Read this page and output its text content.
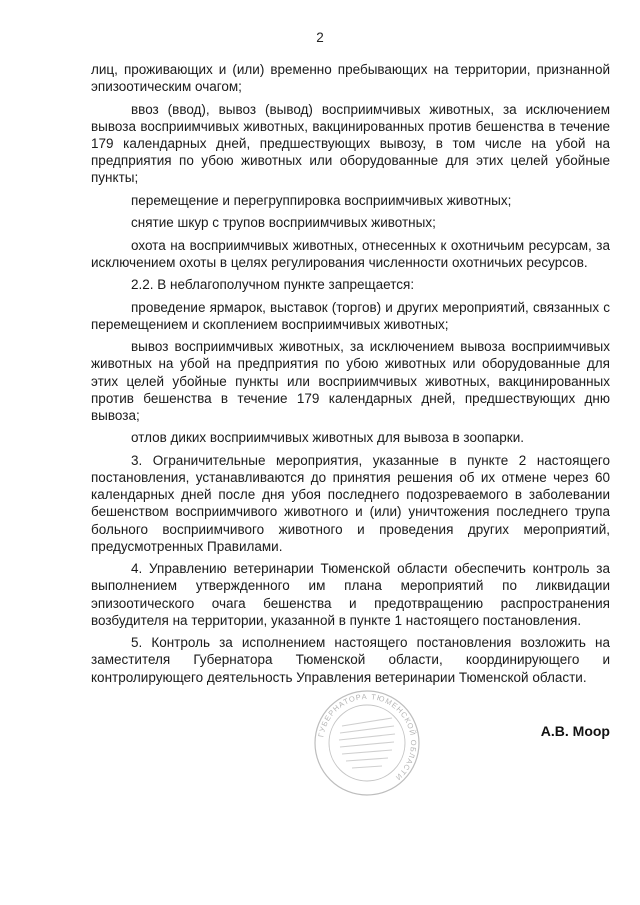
2

лиц, проживающих и (или) временно пребывающих на территории, признанной эпизоотическим очагом;

ввоз (ввод), вывоз (вывод) восприимчивых животных, за исключением вывоза восприимчивых животных, вакцинированных против бешенства в течение 179 календарных дней, предшествующих вывозу, в том числе на убой на предприятия по убою животных или оборудованные для этих целей убойные пункты;

перемещение и перегруппировка восприимчивых животных;

снятие шкур с трупов восприимчивых животных;

охота на восприимчивых животных, отнесенных к охотничьим ресурсам, за исключением охоты в целях регулирования численности охотничьих ресурсов.

2.2. В неблагополучном пункте запрещается:

проведение ярмарок, выставок (торгов) и других мероприятий, связанных с перемещением и скоплением восприимчивых животных;

вывоз восприимчивых животных, за исключением вывоза восприимчивых животных на убой на предприятия по убою животных или оборудованные для этих целей убойные пункты или восприимчивых животных, вакцинированных против бешенства в течение 179 календарных дней, предшествующих дню вывоза;

отлов диких восприимчивых животных для вывоза в зоопарки.

3. Ограничительные мероприятия, указанные в пункте 2 настоящего постановления, устанавливаются до принятия решения об их отмене через 60 календарных дней после дня убоя последнего подозреваемого в заболевании бешенством восприимчивого животного и (или) уничтожения последнего трупа больного восприимчивого животного и проведения других мероприятий, предусмотренных Правилами.

4. Управлению ветеринарии Тюменской области обеспечить контроль за выполнением утвержденного им плана мероприятий по ликвидации эпизоотического очага бешенства и предотвращению распространения возбудителя на территории, указанной в пункте 1 настоящего постановления.

5. Контроль за исполнением настоящего постановления возложить на заместителя Губернатора Тюменской области, координирующего и контролирующего деятельность Управления ветеринарии Тюменской области.

ГУБЕРНАТОРА ТЮМЕНСКОЙ ОБЛАСТИ
А.В. Моор
